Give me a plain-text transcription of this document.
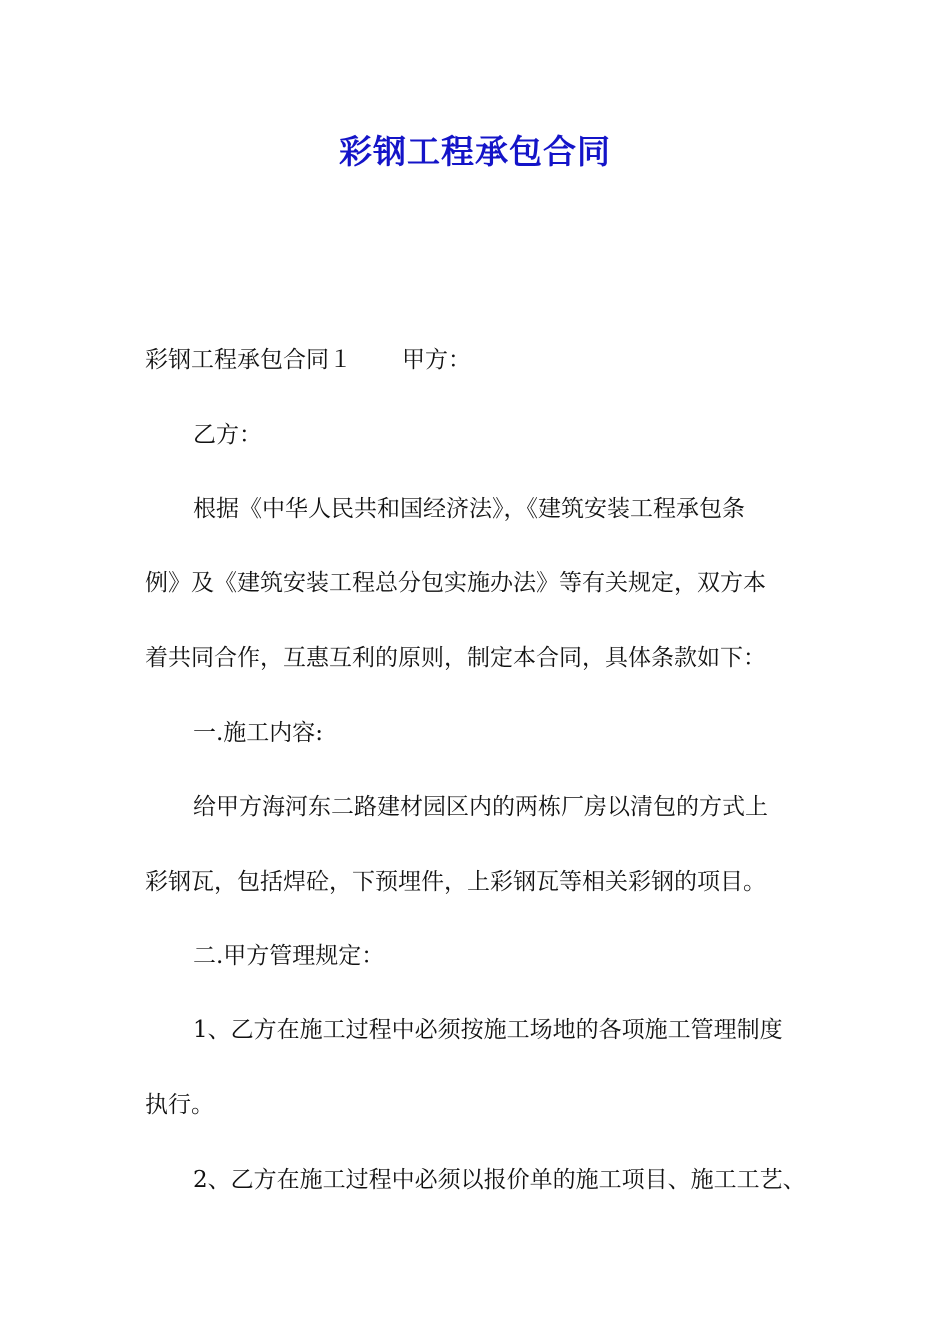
彩钢工程承包合同
彩钢工程承包合同１ 甲方：
乙方：
根据《中华人民共和国经济法》，《建筑安装工程承包条
例》及《建筑安装工程总分包实施办法》等有关规定，双方本
着共同合作，互惠互利的原则，制定本合同，具体条款如下：
一.施工内容:
给甲方海河东二路建材园区内的两栋厂房以清包的方式上
彩钢瓦，包括焊砼，下预埋件，上彩钢瓦等相关彩钢的项目。
二.甲方管理规定：
1、乙方在施工过程中必须按施工场地的各项施工管理制度
执行。
2、乙方在施工过程中必须以报价单的施工项目、施工工艺、
